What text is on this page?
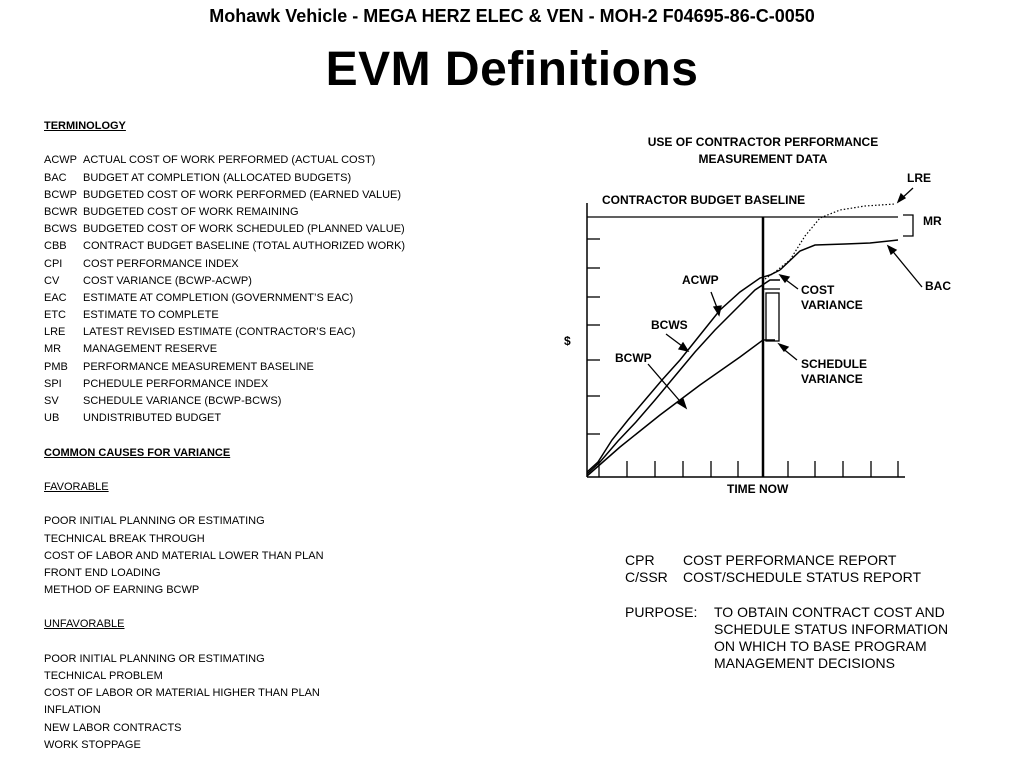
Mohawk Vehicle - MEGA HERZ ELEC & VEN - MOH-2 F04695-86-C-0050
EVM Definitions
TERMINOLOGY
ACWP ACTUAL COST OF WORK PERFORMED (ACTUAL COST)
BAC BUDGET AT COMPLETION (ALLOCATED BUDGETS)
BCWP BUDGETED COST OF WORK PERFORMED (EARNED VALUE)
BCWR BUDGETED COST OF WORK REMAINING
BCWS BUDGETED COST OF WORK SCHEDULED (PLANNED VALUE)
CBB CONTRACT BUDGET BASELINE (TOTAL AUTHORIZED WORK)
CPI COST PERFORMANCE INDEX
CV COST VARIANCE (BCWP-ACWP)
EAC ESTIMATE AT COMPLETION (GOVERNMENT’S EAC)
ETC ESTIMATE TO COMPLETE
LRE LATEST REVISED ESTIMATE (CONTRACTOR’S EAC)
MR MANAGEMENT RESERVE
PMB PERFORMANCE MEASUREMENT BASELINE
SPI PCHEDULE PERFORMANCE INDEX
SV SCHEDULE VARIANCE (BCWP-BCWS)
UB UNDISTRIBUTED BUDGET
COMMON CAUSES FOR VARIANCE
FAVORABLE
POOR INITIAL PLANNING OR ESTIMATING
TECHNICAL BREAK THROUGH
COST OF LABOR AND MATERIAL LOWER THAN PLAN
FRONT END LOADING
METHOD OF EARNING BCWP
UNFAVORABLE
POOR INITIAL PLANNING OR ESTIMATING
TECHNICAL PROBLEM
COST OF LABOR OR MATERIAL HIGHER THAN PLAN
INFLATION
NEW LABOR CONTRACTS
WORK STOPPAGE
USE OF CONTRACTOR PERFORMANCE
MEASUREMENT DATA
CONTRACTOR BUDGET BASELINE
$
TIME NOW
LRE
MR
BAC
ACWP
BCWS
BCWP
COST
VARIANCE
SCHEDULE
VARIANCE
CPR COST PERFORMANCE REPORT
C/SSR COST/SCHEDULE STATUS REPORT
PURPOSE: TO OBTAIN CONTRACT COST AND
SCHEDULE STATUS INFORMATION
ON WHICH TO BASE PROGRAM
MANAGEMENT DECISIONS
